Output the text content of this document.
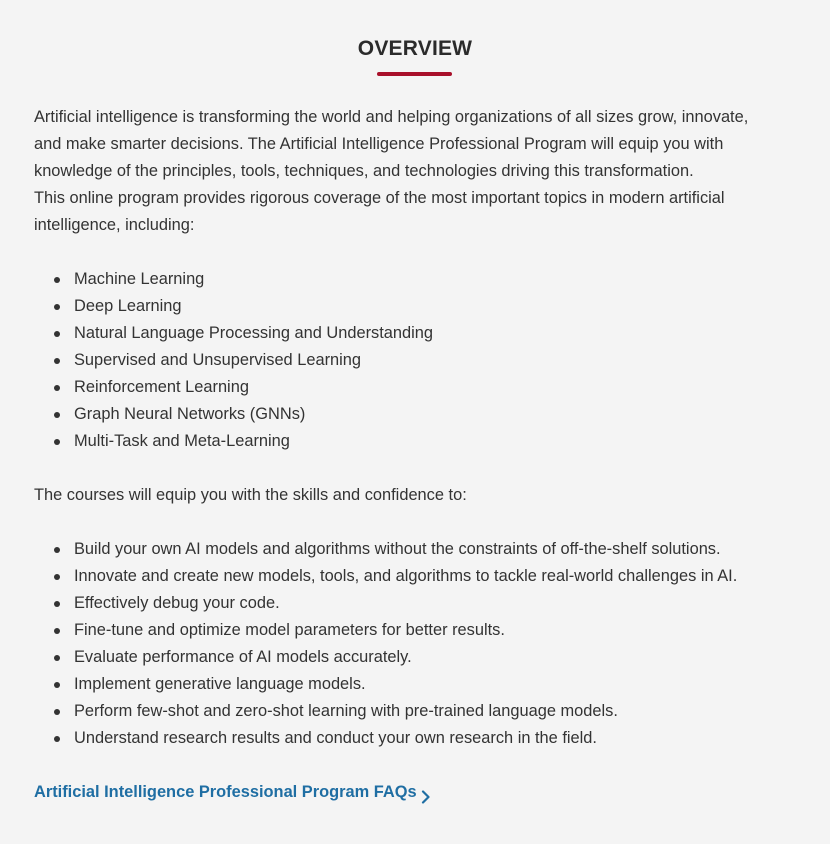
OVERVIEW

Artificial intelligence is transforming the world and helping organizations of all sizes grow, innovate,
and make smarter decisions. The Artificial Intelligence Professional Program will equip you with
knowledge of the principles, tools, techniques, and technologies driving this transformation.
This online program provides rigorous coverage of the most important topics in modern artificial
intelligence, including:

Machine Learning
Deep Learning
Natural Language Processing and Understanding
Supervised and Unsupervised Learning
Reinforcement Learning
Graph Neural Networks (GNNs)
Multi-Task and Meta-Learning

The courses will equip you with the skills and confidence to:

Build your own AI models and algorithms without the constraints of off-the-shelf solutions.
Innovate and create new models, tools, and algorithms to tackle real-world challenges in AI.
Effectively debug your code.
Fine-tune and optimize model parameters for better results.
Evaluate performance of AI models accurately.
Implement generative language models.
Perform few-shot and zero-shot learning with pre-trained language models.
Understand research results and conduct your own research in the field.
Artificial Intelligence Professional Program FAQs
